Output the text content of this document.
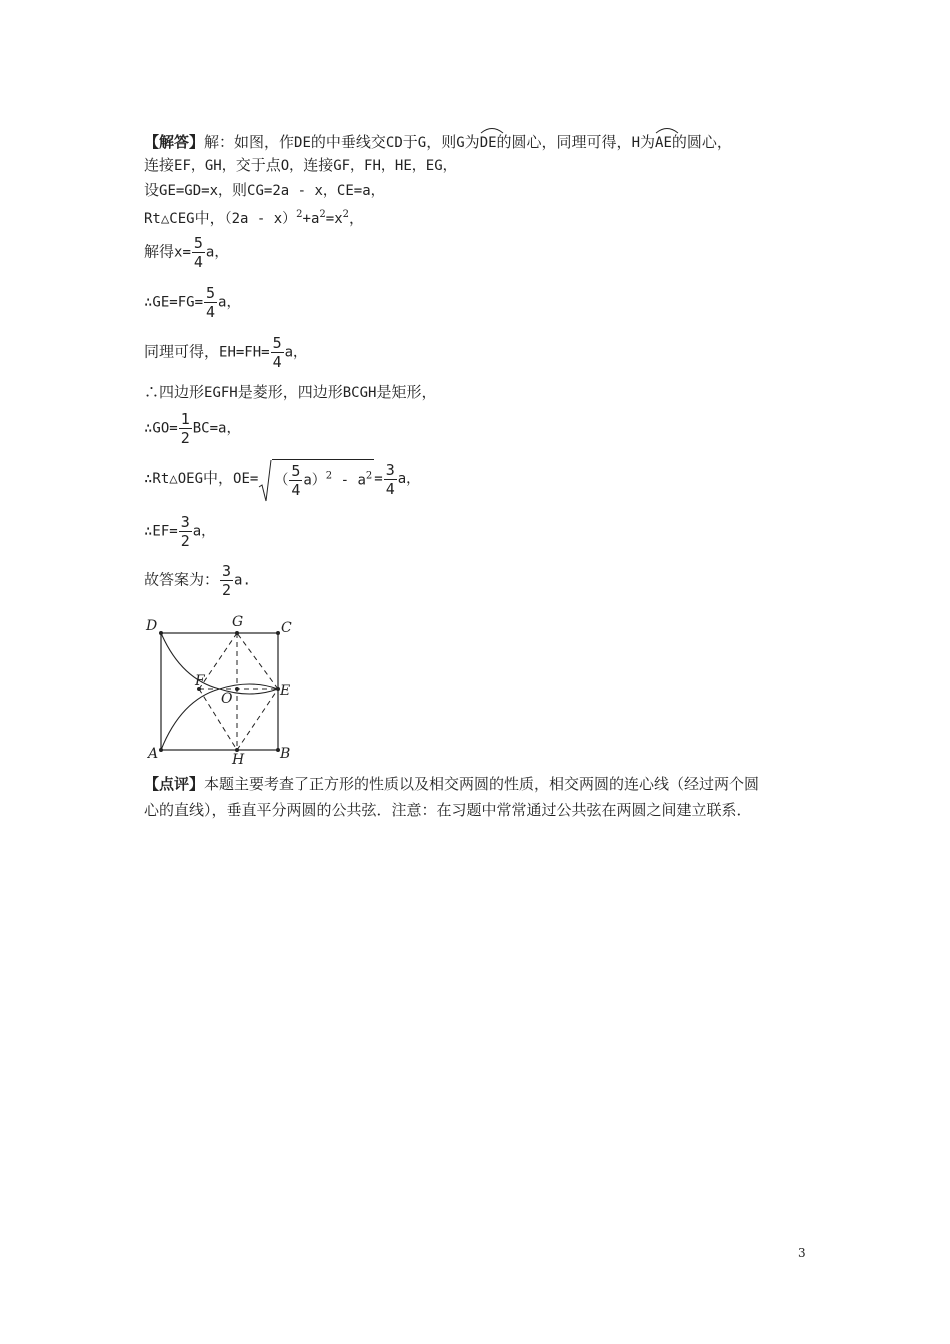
【解答】解：如图，作DE的中垂线交CD于G，则G为
DE的圆心，同理可得，H为
AE的圆心，
连接EF，GH，交于点O，连接GF，FH，HE，EG，
设GE=GD=x，则CG=2a - x，CE=a，
Rt△CEG中，$(2a - x)^2+a^2=x^2$，
解得$x= \frac{5}{4}$ a，
∴GE=FG= $\frac{5}{4}$ a，
同理可得，$EH=FH= \frac{5}{4}$ a，
∴四边形EGFH是菱形，四边形BCGH是矩形，
∴GO= $\frac{1}{2} BC=a$，
∴Rt△OEG中，OE= （ $\frac{5}{4} a)^2 - a^2 = \frac{3}{4}$ a，
∴EF= $\frac{3}{2}$ a，
故答案为： $\frac{3}{2} a$.
D	G	C
F
O	E
A	H	B
【点评】本题主要考查了正方形的性质以及相交两圆的性质，相交两圆的连心线（经过两个圆
心的直线），垂直平分两圆的公共弦．注意：在习题中常常通过公共弦在两圆之间建立联系．
3
